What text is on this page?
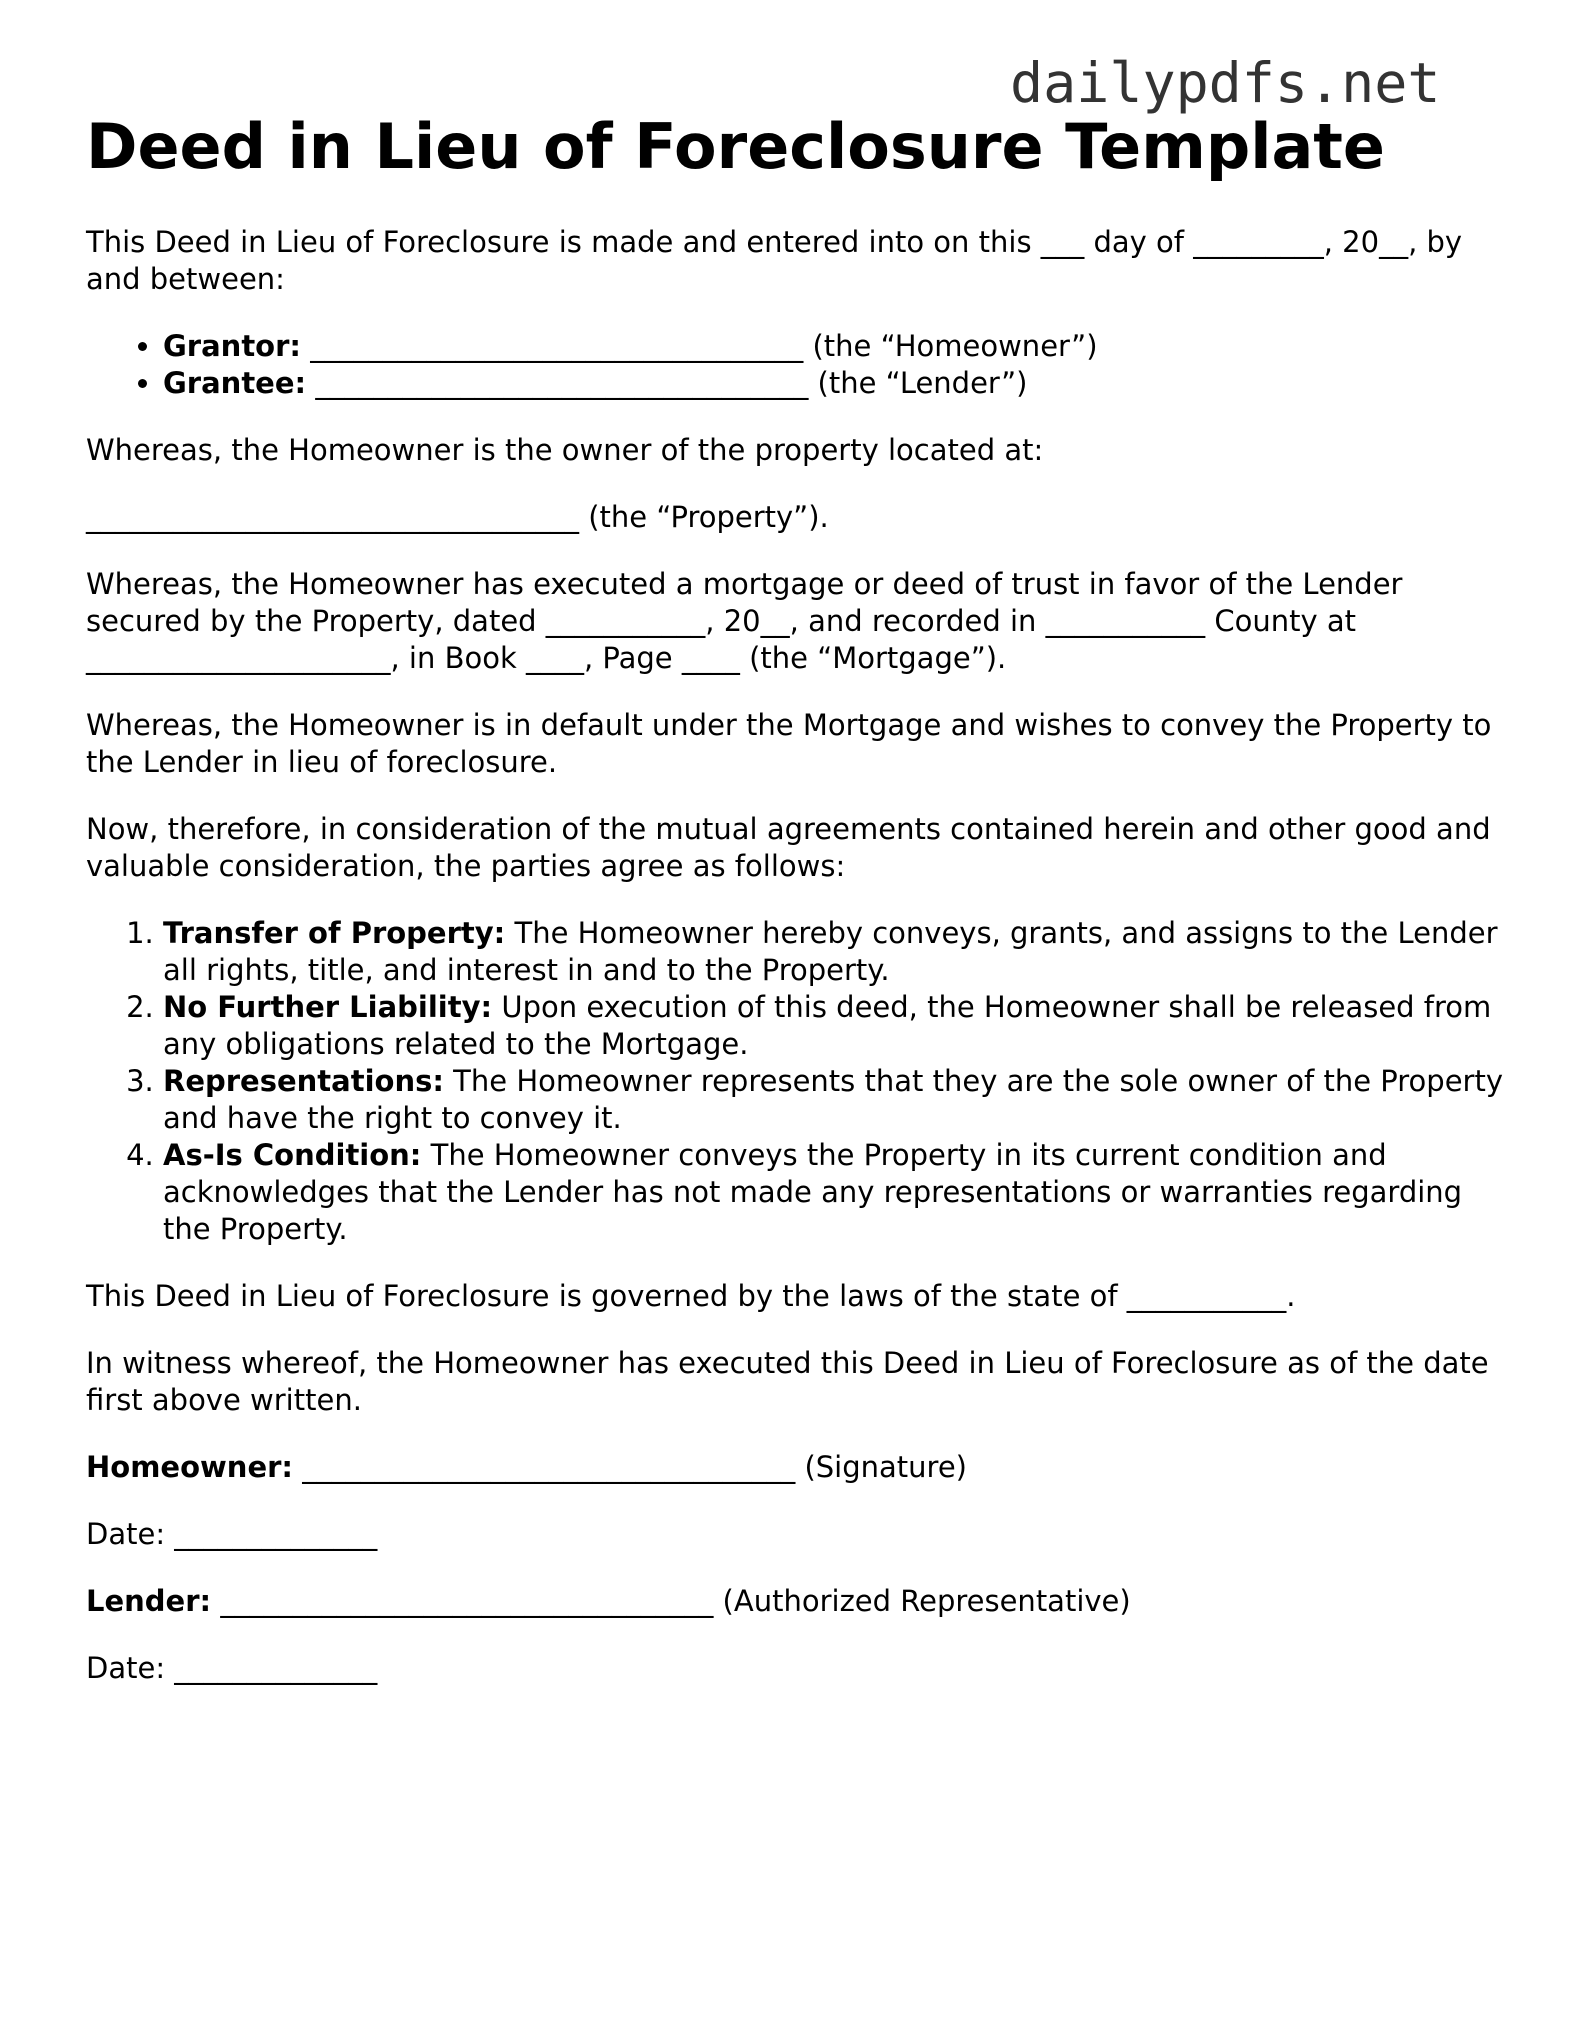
dailypdfs.net
Deed in Lieu of Foreclosure Template

This Deed in Lieu of Foreclosure is made and entered into on this ___ day of _________, 20__, by and between:

• Grantor: __________________________________ (the “Homeowner”)
• Grantee: __________________________________ (the “Lender”)

Whereas, the Homeowner is the owner of the property located at:

__________________________________ (the “Property”).

Whereas, the Homeowner has executed a mortgage or deed of trust in favor of the Lender secured by the Property, dated ___________, 20__, and recorded in ___________ County at _____________________, in Book ____, Page ____ (the “Mortgage”).

Whereas, the Homeowner is in default under the Mortgage and wishes to convey the Property to the Lender in lieu of foreclosure.

Now, therefore, in consideration of the mutual agreements contained herein and other good and valuable consideration, the parties agree as follows:

1. Transfer of Property: The Homeowner hereby conveys, grants, and assigns to the Lender all rights, title, and interest in and to the Property.
2. No Further Liability: Upon execution of this deed, the Homeowner shall be released from any obligations related to the Mortgage.
3. Representations: The Homeowner represents that they are the sole owner of the Property and have the right to convey it.
4. As-Is Condition: The Homeowner conveys the Property in its current condition and acknowledges that the Lender has not made any representations or warranties regarding the Property.

This Deed in Lieu of Foreclosure is governed by the laws of the state of ___________.

In witness whereof, the Homeowner has executed this Deed in Lieu of Foreclosure as of the date first above written.

Homeowner: __________________________________ (Signature)

Date: ______________

Lender: __________________________________ (Authorized Representative)

Date: ______________
